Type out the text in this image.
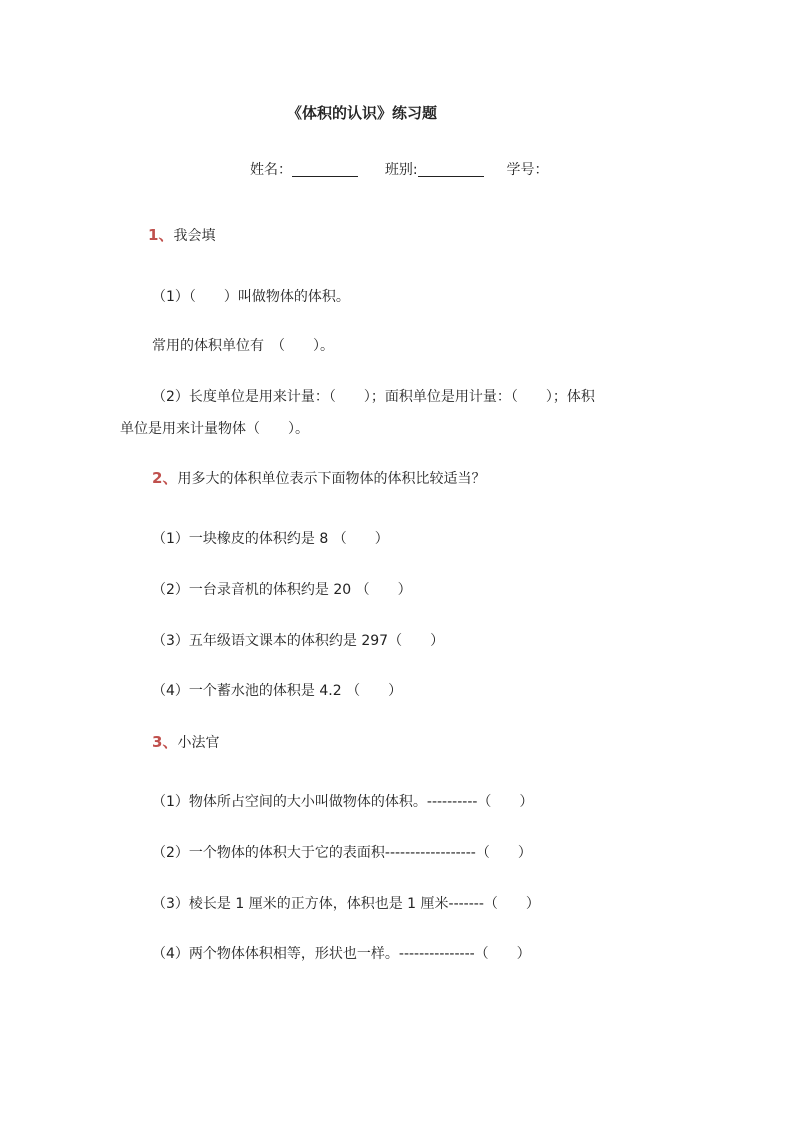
《体积的认识》练习题
姓名：	班别:	学号：
1、我会填
（1）（　　）叫做物体的体积。
常用的体积单位有　（　　）。
（2）长度单位是用来计量：（　　）；面积单位是用计量：（　　）；体积
单位是用来计量物体（　　）。
2、用多大的体积单位表示下面物体的体积比较适当？
（1）一块橡皮的体积约是 8 （　　）
（2）一台录音机的体积约是 20 （　　）
（3）五年级语文课本的体积约是 297（　　）
（4）一个蓄水池的体积是 4.2 （　　）
3、小法官
（1）物体所占空间的大小叫做物体的体积。----------（　　）
（2）一个物体的体积大于它的表面积------------------（　　）
（3）棱长是 1 厘米的正方体，体积也是 1 厘米-------（　　）
（4）两个物体体积相等，形状也一样。---------------（　　）
